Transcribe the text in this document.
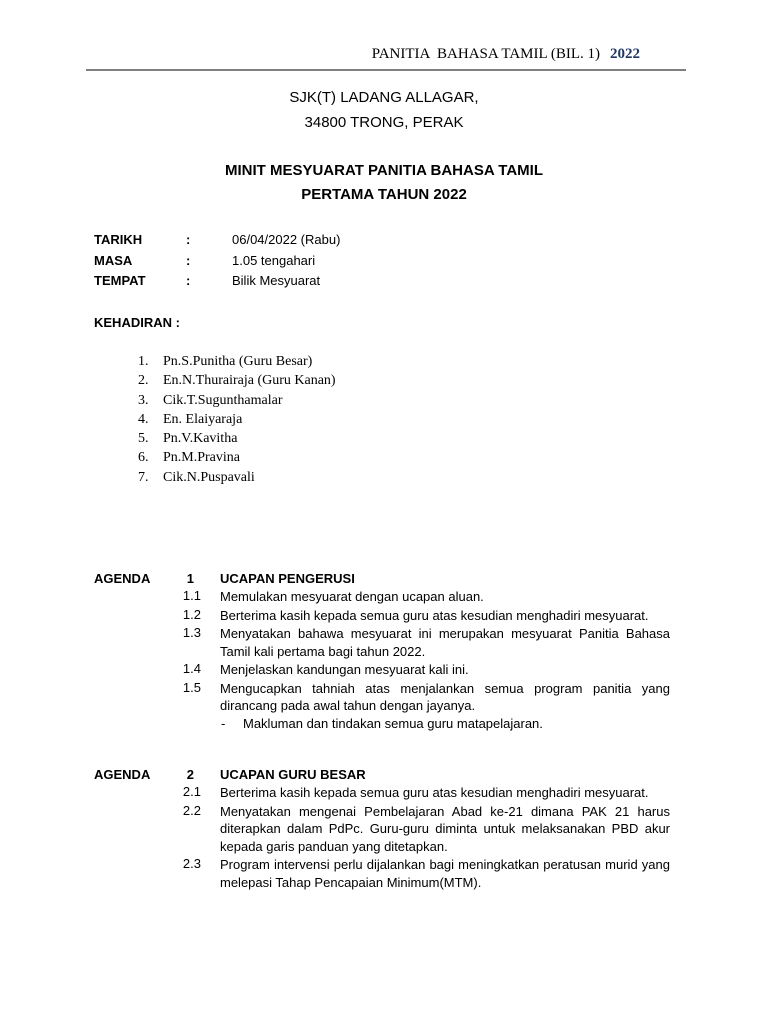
PANITIA  BAHASA TAMIL (BIL. 1) 2022
SJK(T) LADANG ALLAGAR,
34800 TRONG, PERAK
MINIT MESYUARAT PANITIA BAHASA TAMIL
PERTAMA TAHUN 2022
TARIKH	:	06/04/2022 (Rabu)
MASA	:	1.05 tengahari
TEMPAT	:	Bilik Mesyuarat
KEHADIRAN :
1. Pn.S.Punitha (Guru Besar)
2. En.N.Thurairaja (Guru Kanan)
3. Cik.T.Sugunthamalar
4. En. Elaiyaraja
5. Pn.V.Kavitha
6. Pn.M.Pravina
7. Cik.N.Puspavali
AGENDA	1 UCAPAN PENGERUSI
1.1 Memulakan mesyuarat dengan ucapan aluan.
1.2 Berterima kasih kepada semua guru atas kesudian menghadiri mesyuarat.
1.3 Menyatakan bahawa mesyuarat ini merupakan mesyuarat Panitia Bahasa Tamil kali pertama bagi tahun 2022.
1.4 Menjelaskan kandungan mesyuarat kali ini.
1.5 Mengucapkan tahniah atas menjalankan semua program panitia yang dirancang pada awal tahun dengan jayanya.
- Makluman dan tindakan semua guru matapelajaran.
AGENDA	2 UCAPAN GURU BESAR
2.1 Berterima kasih kepada semua guru atas kesudian menghadiri mesyuarat.
2.2 Menyatakan mengenai Pembelajaran Abad ke-21 dimana PAK 21 harus diterapkan dalam PdPc. Guru-guru diminta untuk melaksanakan PBD akur kepada garis panduan yang ditetapkan.
2.3 Program intervensi perlu dijalankan bagi meningkatkan peratusan murid yang melepasi Tahap Pencapaian Minimum(MTM).
